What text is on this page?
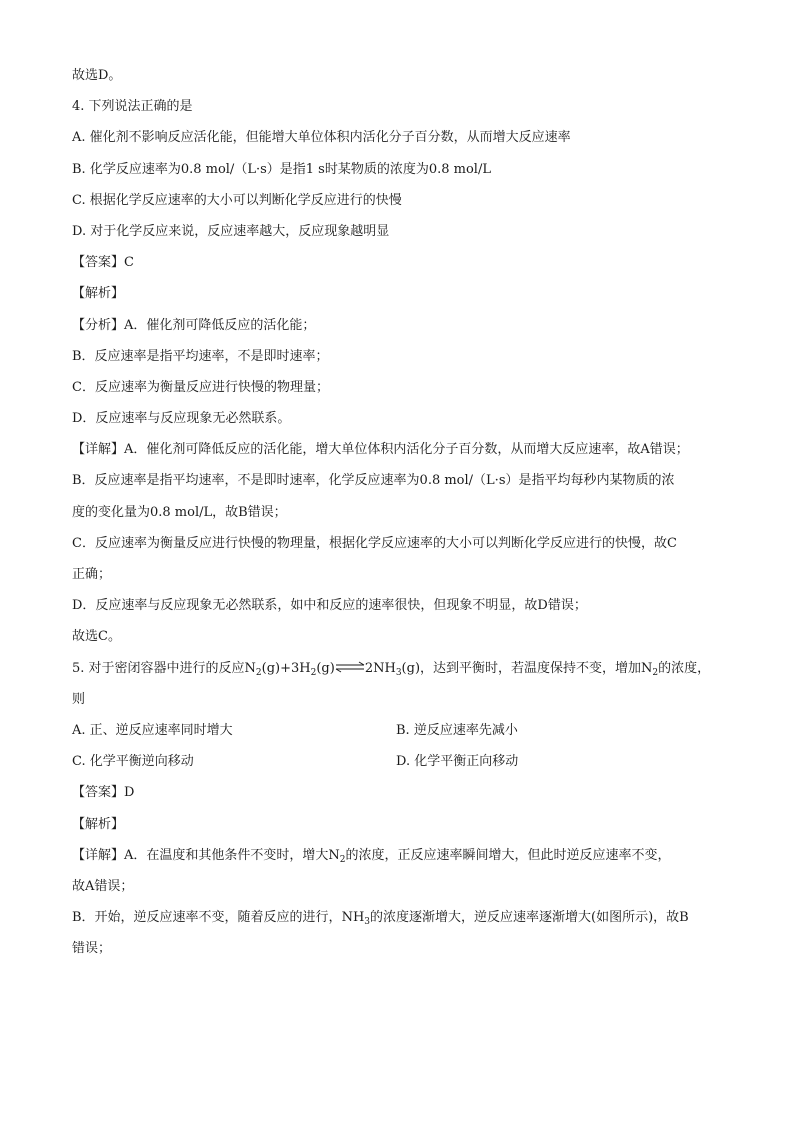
故选D。
4. 下列说法正确的是
A. 催化剂不影响反应活化能，但能增大单位体积内活化分子百分数，从而增大反应速率
B. 化学反应速率为0.8 mol/（L·s）是指1 s时某物质的浓度为0.8 mol/L
C. 根据化学反应速率的大小可以判断化学反应进行的快慢
D. 对于化学反应来说，反应速率越大，反应现象越明显
【答案】C
【解析】
【分析】A．催化剂可降低反应的活化能；
B．反应速率是指平均速率，不是即时速率；
C．反应速率为衡量反应进行快慢的物理量；
D．反应速率与反应现象无必然联系。
【详解】A．催化剂可降低反应的活化能，增大单位体积内活化分子百分数，从而增大反应速率，故A错误；
B．反应速率是指平均速率，不是即时速率，化学反应速率为0.8 mol/（L·s）是指平均每秒内某物质的浓
度的变化量为0.8 mol/L，故B错误；
C．反应速率为衡量反应进行快慢的物理量，根据化学反应速率的大小可以判断化学反应进行的快慢，故C
正确；
D．反应速率与反应现象无必然联系，如中和反应的速率很快，但现象不明显，故D错误；
故选C。
5. 对于密闭容器中进行的反应$N_2(g)+3H_2(g)\rightleftharpoons 2NH_3(g)$，达到平衡时，若温度保持不变，增加$N_2$的浓度，
则
A. 正、逆反应速率同时增大	B. 逆反应速率先减小
C. 化学平衡逆向移动	D. 化学平衡正向移动
【答案】D
【解析】
【详解】A．在温度和其他条件不变时，增大$N_2$的浓度，正反应速率瞬间增大，但此时逆反应速率不变，
故A错误；
B．开始，逆反应速率不变，随着反应的进行，$NH_3$的浓度逐渐增大，逆反应速率逐渐增大(如图所示)，故B
错误；
